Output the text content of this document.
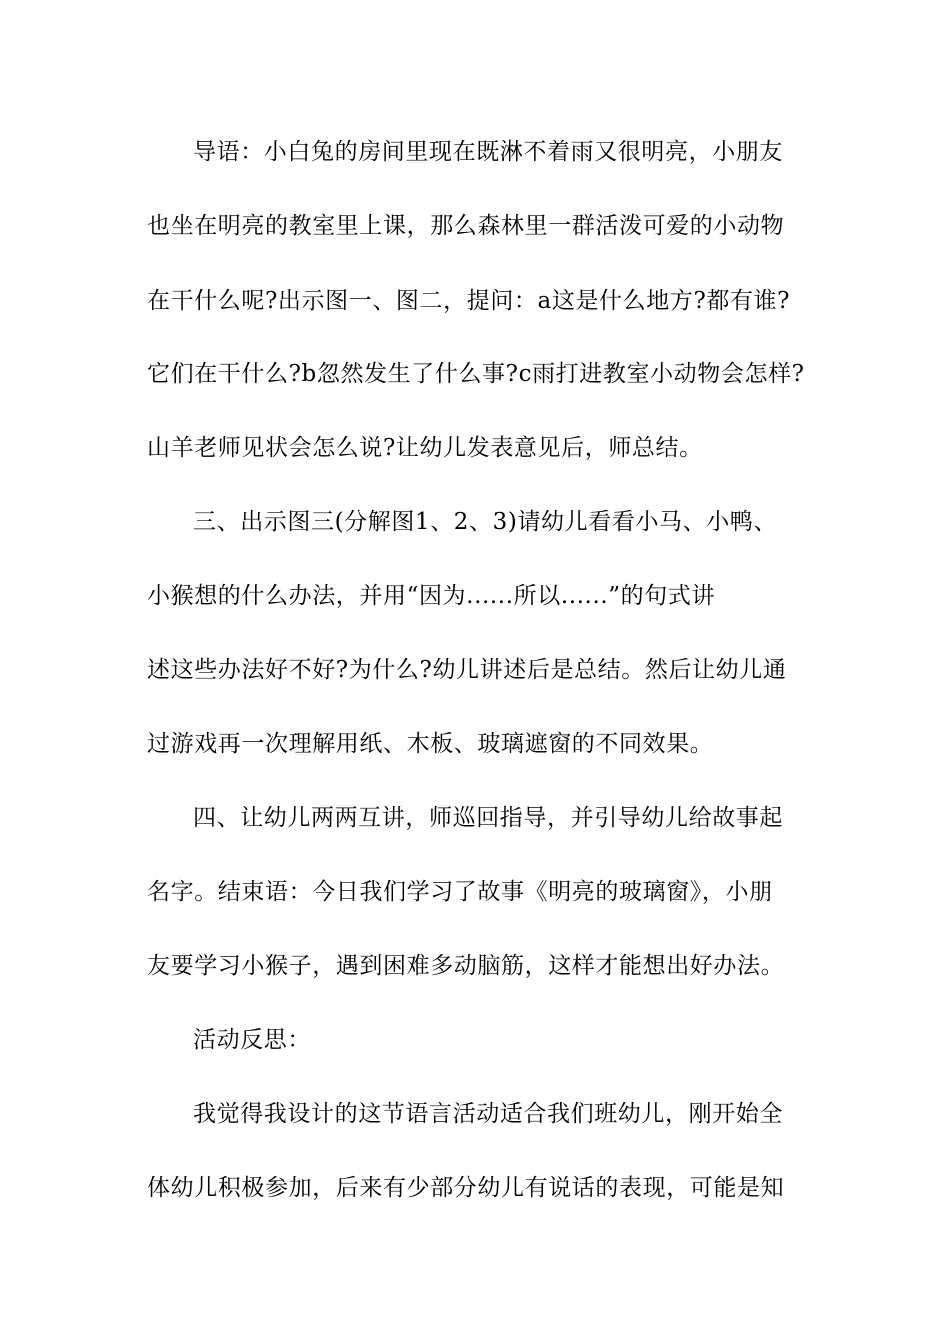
导语：小白兔的房间里现在既淋不着雨又很明亮，小朋友
也坐在明亮的教室里上课，那么森林里一群活泼可爱的小动物
在干什么呢?出示图一、图二，提问：a这是什么地方?都有谁?
它们在干什么?b忽然发生了什么事?c雨打进教室小动物会怎样?
山羊老师见状会怎么说?让幼儿发表意见后，师总结。
三、出示图三(分解图1、2、3)请幼儿看看小马、小鸭、
小猴想的什么办法，并用“因为......所以......”的句式讲
述这些办法好不好?为什么?幼儿讲述后是总结。然后让幼儿通
过游戏再一次理解用纸、木板、玻璃遮窗的不同效果。
四、让幼儿两两互讲，师巡回指导，并引导幼儿给故事起
名字。结束语：今日我们学习了故事《明亮的玻璃窗》，小朋
友要学习小猴子，遇到困难多动脑筋，这样才能想出好办法。
活动反思：
我觉得我设计的这节语言活动适合我们班幼儿，刚开始全
体幼儿积极参加，后来有少部分幼儿有说话的表现，可能是知
